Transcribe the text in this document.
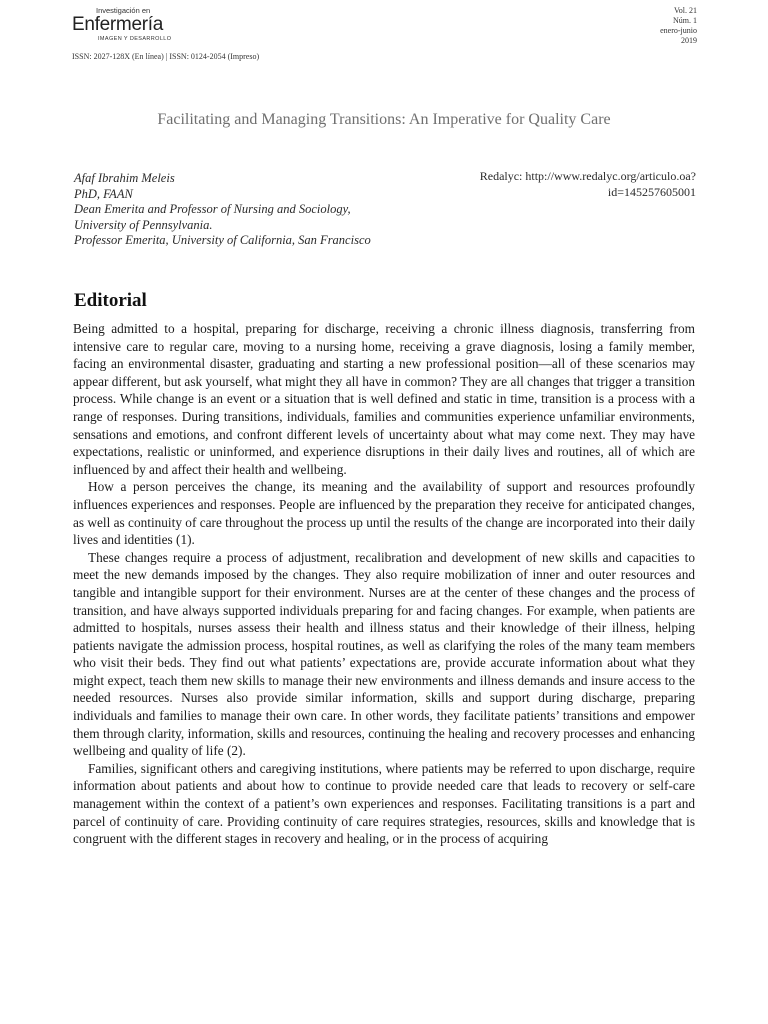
Investigación en
Enfermería
IMAGEN Y DESARROLLO
Vol. 21
Núm. 1
enero-junio
2019
ISSN: 2027-128X (En línea) | ISSN: 0124-2054 (Impreso)
Facilitating and Managing Transitions: An Imperative for Quality Care
Afaf Ibrahim Meleis
PhD, FAAN
Dean Emerita and Professor of Nursing and Sociology,
University of Pennsylvania.
Professor Emerita, University of California, San Francisco
Redalyc: http://www.redalyc.org/articulo.oa?
id=145257605001
Editorial

Being admitted to a hospital, preparing for discharge, receiving a chronic illness diagnosis, transferring from intensive care to regular care, moving to a nursing home, receiving a grave diagnosis, losing a family member, facing an environmental disaster, graduating and starting a new professional position—all of these scenarios may appear different, but ask yourself, what might they all have in common? They are all changes that trigger a transition process. While change is an event or a situation that is well defined and static in time, transition is a process with a range of responses. During transitions, individuals, families and communities experience unfamiliar environments, sensations and emotions, and confront different levels of uncertainty about what may come next. They may have expectations, realistic or uninformed, and experience disruptions in their daily lives and routines, all of which are influenced by and affect their health and wellbeing.

How a person perceives the change, its meaning and the availability of support and resources profoundly influences experiences and responses. People are influenced by the preparation they receive for anticipated changes, as well as continuity of care throughout the process up until the results of the change are incorporated into their daily lives and identities (1).

These changes require a process of adjustment, recalibration and development of new skills and capacities to meet the new demands imposed by the changes. They also require mobilization of inner and outer resources and tangible and intangible support for their environment. Nurses are at the center of these changes and the process of transition, and have always supported individuals preparing for and facing changes. For example, when patients are admitted to hospitals, nurses assess their health and illness status and their knowledge of their illness, helping patients navigate the admission process, hospital routines, as well as clarifying the roles of the many team members who visit their beds. They find out what patients’ expectations are, provide accurate information about what they might expect, teach them new skills to manage their new environments and illness demands and insure access to the needed resources. Nurses also provide similar information, skills and support during discharge, preparing individuals and families to manage their own care. In other words, they facilitate patients’ transitions and empower them through clarity, information, skills and resources, continuing the healing and recovery processes and enhancing wellbeing and quality of life (2).

Families, significant others and caregiving institutions, where patients may be referred to upon discharge, require information about patients and about how to continue to provide needed care that leads to recovery or self-care management within the context of a patient’s own experiences and responses. Facilitating transitions is a part and parcel of continuity of care. Providing continuity of care requires strategies, resources, skills and knowledge that is congruent with the different stages in recovery and healing, or in the process of acquiring
